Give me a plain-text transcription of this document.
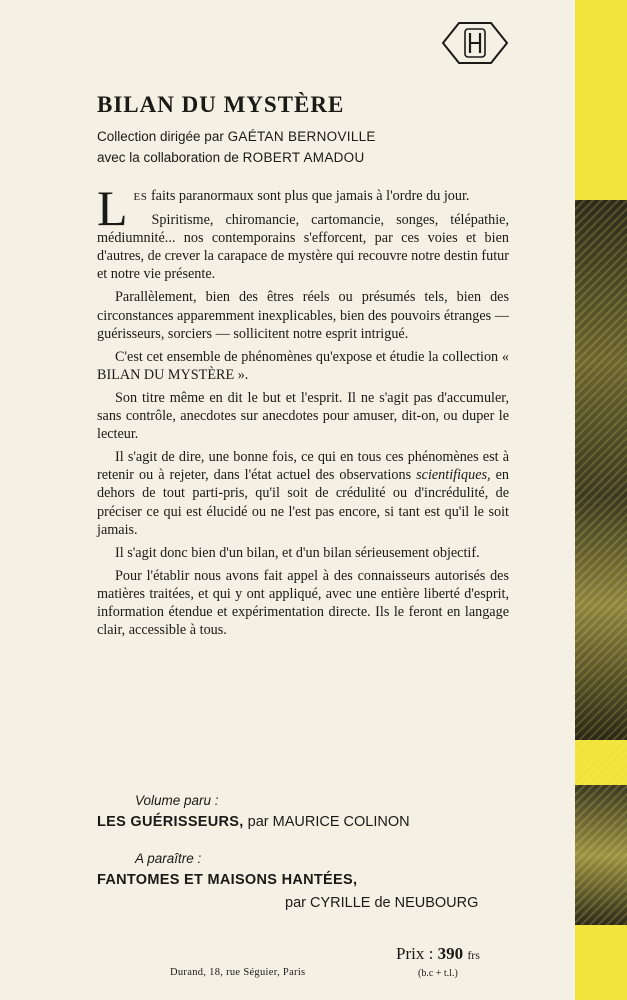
BILAN DU MYSTÈRE
Collection dirigée par GAÉTAN BERNOVILLE
avec la collaboration de ROBERT AMADOU

LES faits paranormaux sont plus que jamais à l'ordre du jour.

Spiritisme, chiromancie, cartomancie, songes, télépathie, médiumnité... nos contemporains s'efforcent, par ces voies et bien d'autres, de crever la carapace de mystère qui recouvre notre destin futur et notre vie présente.

Parallèlement, bien des êtres réels ou présumés tels, bien des circonstances apparemment inexplicables, bien des pouvoirs étranges — guérisseurs, sorciers — sollicitent notre esprit intrigué.

C'est cet ensemble de phénomènes qu'expose et étudie la collection « BILAN DU MYSTÈRE ».

Son titre même en dit le but et l'esprit. Il ne s'agit pas d'accumuler, sans contrôle, anecdotes sur anecdotes pour amuser, dit-on, ou duper le lecteur.

Il s'agit de dire, une bonne fois, ce qui en tous ces phénomènes est à retenir ou à rejeter, dans l'état actuel des observations scientifiques, en dehors de tout parti-pris, qu'il soit de crédulité ou d'incrédulité, de préciser ce qui est élucidé ou ne l'est pas encore, si tant est qu'il le soit jamais.

Il s'agit donc bien d'un bilan, et d'un bilan sérieusement objectif.

Pour l'établir nous avons fait appel à des connaisseurs autorisés des matières traitées, et qui y ont appliqué, avec une entière liberté d'esprit, information étendue et expérimentation directe. Ils le feront en langage clair, accessible à tous.

Volume paru :
LES GUÉRISSEURS, par MAURICE COLINON
A paraître :
FANTOMES ET MAISONS HANTÉES,
par CYRILLE de NEUBOURG
Durand, 18, rue Séguier, Paris
Prix : 390 frs
(b.c + t.l.)
